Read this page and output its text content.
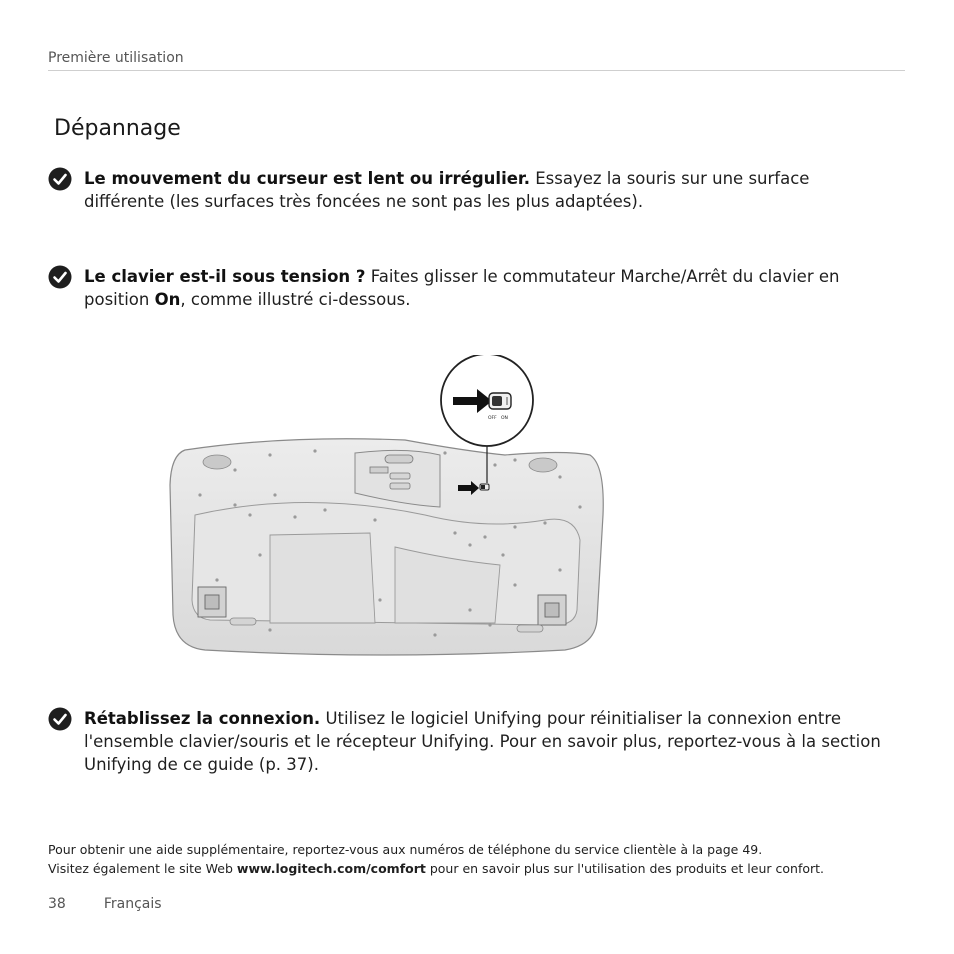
Première utilisation
Dépannage
Le mouvement du curseur est lent ou irrégulier. Essayez la souris sur une surface différente (les surfaces très foncées ne sont pas les plus adaptées).
Le clavier est-il sous tension ? Faites glisser le commutateur Marche/Arrêt du clavier en position On, comme illustré ci-dessous.
OFF ON
Rétablissez la connexion. Utilisez le logiciel Unifying pour réinitialiser la connexion entre l'ensemble clavier/souris et le récepteur Unifying. Pour en savoir plus, reportez-vous à la section Unifying de ce guide (p. 37).
Pour obtenir une aide supplémentaire, reportez-vous aux numéros de téléphone du service clientèle à la page 49.
Visitez également le site Web www.logitech.com/comfort pour en savoir plus sur l'utilisation des produits et leur confort.
38	Français
